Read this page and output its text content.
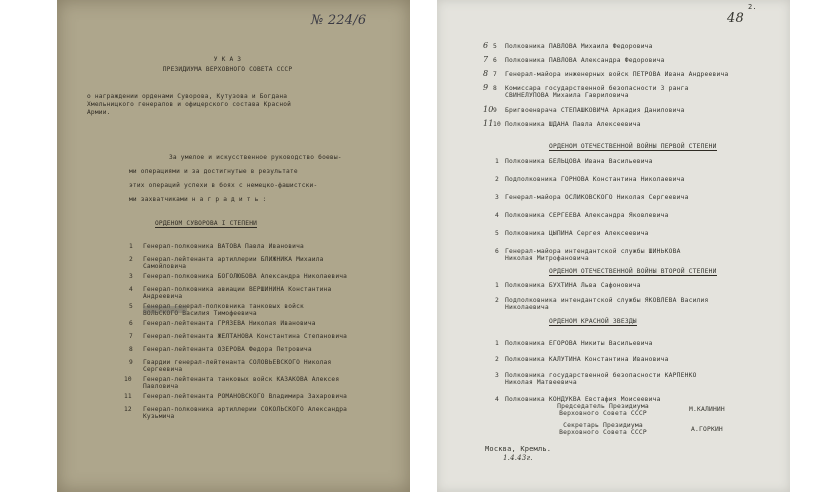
№ 224/6
У К А З
ПРЕЗИДИУМА ВЕРХОВНОГО СОВЕТА СССР
о награждении орденами Суворова, Кутузова и Богдана
Хмельницкого генералов и офицерского состава Красной
Армии.
За умелое и искусственное руководство боевы-
ми операциями и за достигнутые в результате
этих операций успехи в боях с немецко-фашистски-
ми захватчиками н а г р а д и т ь :
ОРДЕНОМ СУВОРОВА I СТЕПЕНИ
1 Генерал-полковника ВАТОВА Павла Ивановича
2 Генерал-лейтенанта артиллерии БЛИЖНИКА Михаила
Самойловича
3 Генерал-полковника БОГОЛЮБОВА Александра Николаевича
4 Генерал-полковника авиации ВЕРШИНИНА Константина
Андреевича
5 Генерал генерал-полковника танковых войск
ВОЛЬСКОГО Василия Тимофеевича
6 Генерал-лейтенанта ГРЯЗЕВА Николая Ивановича
7 Генерал-лейтенанта ЖЕЛТАНОВА Константина Степановича
8 Генерал-лейтенанта ОЗЕРОВА Федора Петровича
9 Гвардии генерал-лейтенанта СОЛОВЬЕВСКОГО Николая
Сергеевича
10 Генерал-лейтенанта танковых войск КАЗАКОВА Алексея
Павловича
11 Генерал-лейтенанта РОМАНОВСКОГО Владимира Захаровича
12 Генерал-полковника артиллерии СОКОЛЬСКОГО Александра
Кузьмича
48
2.
6 5 Полковника ПАВЛОВА Михаила Федоровича
7 6 Полковника ПАВЛОВА Александра Федоровича
8 7 Генерал-майора инженерных войск ПЕТРОВА Ивана Андреевича
9 8 Комиссара государственной безопасности 3 ранга
СВИНЕЛУПОВА Михаила Гавриловича
10 9 Бригвоенврача СТЕПАШКОВИЧА Аркадия Даниловича
11 10 Полковника ШДАНА Павла Алексеевича
ОРДЕНОМ ОТЕЧЕСТВЕННОЙ ВОЙНЫ ПЕРВОЙ СТЕПЕНИ
1 Полковника БЕЛЬЦОВА Ивана Васильевича
2 Подполковника ГОРНОВА Константина Николаевича
3 Генерал-майора ОСЛИКОВСКОГО Николая Сергеевича
4 Полковника СЕРГЕЕВА Александра Яковлевича
5 Полковника ЦЫПИНА Сергея Алексеевича
6 Генерал-майора интендантской службы ШИНЬКОВА
Николая Митрофановича
ОРДЕНОМ ОТЕЧЕСТВЕННОЙ ВОЙНЫ ВТОРОЙ СТЕПЕНИ
1 Полковника БУХТИНА Льва Сафоновича
2 Подполковника интендантской службы ЯКОВЛЕВА Василия
Николаевича
ОРДЕНОМ КРАСНОЙ ЗВЕЗДЫ
1 Полковника ЕГОРОВА Никиты Васильевича
2 Полковника КАЛУТИНА Константина Ивановича
3 Полковника государственной безопасности КАРПЕНКО
Николая Матвеевича
4 Полковника КОНДУКВА Евстафия Моисеевича
Председатель Президиума
Верховного Совета СССР
М.КАЛИНИН
Секретарь Президиума
Верховного Совета СССР	А.ГОРКИН
Москва, Кремль.
1.4.43г.
